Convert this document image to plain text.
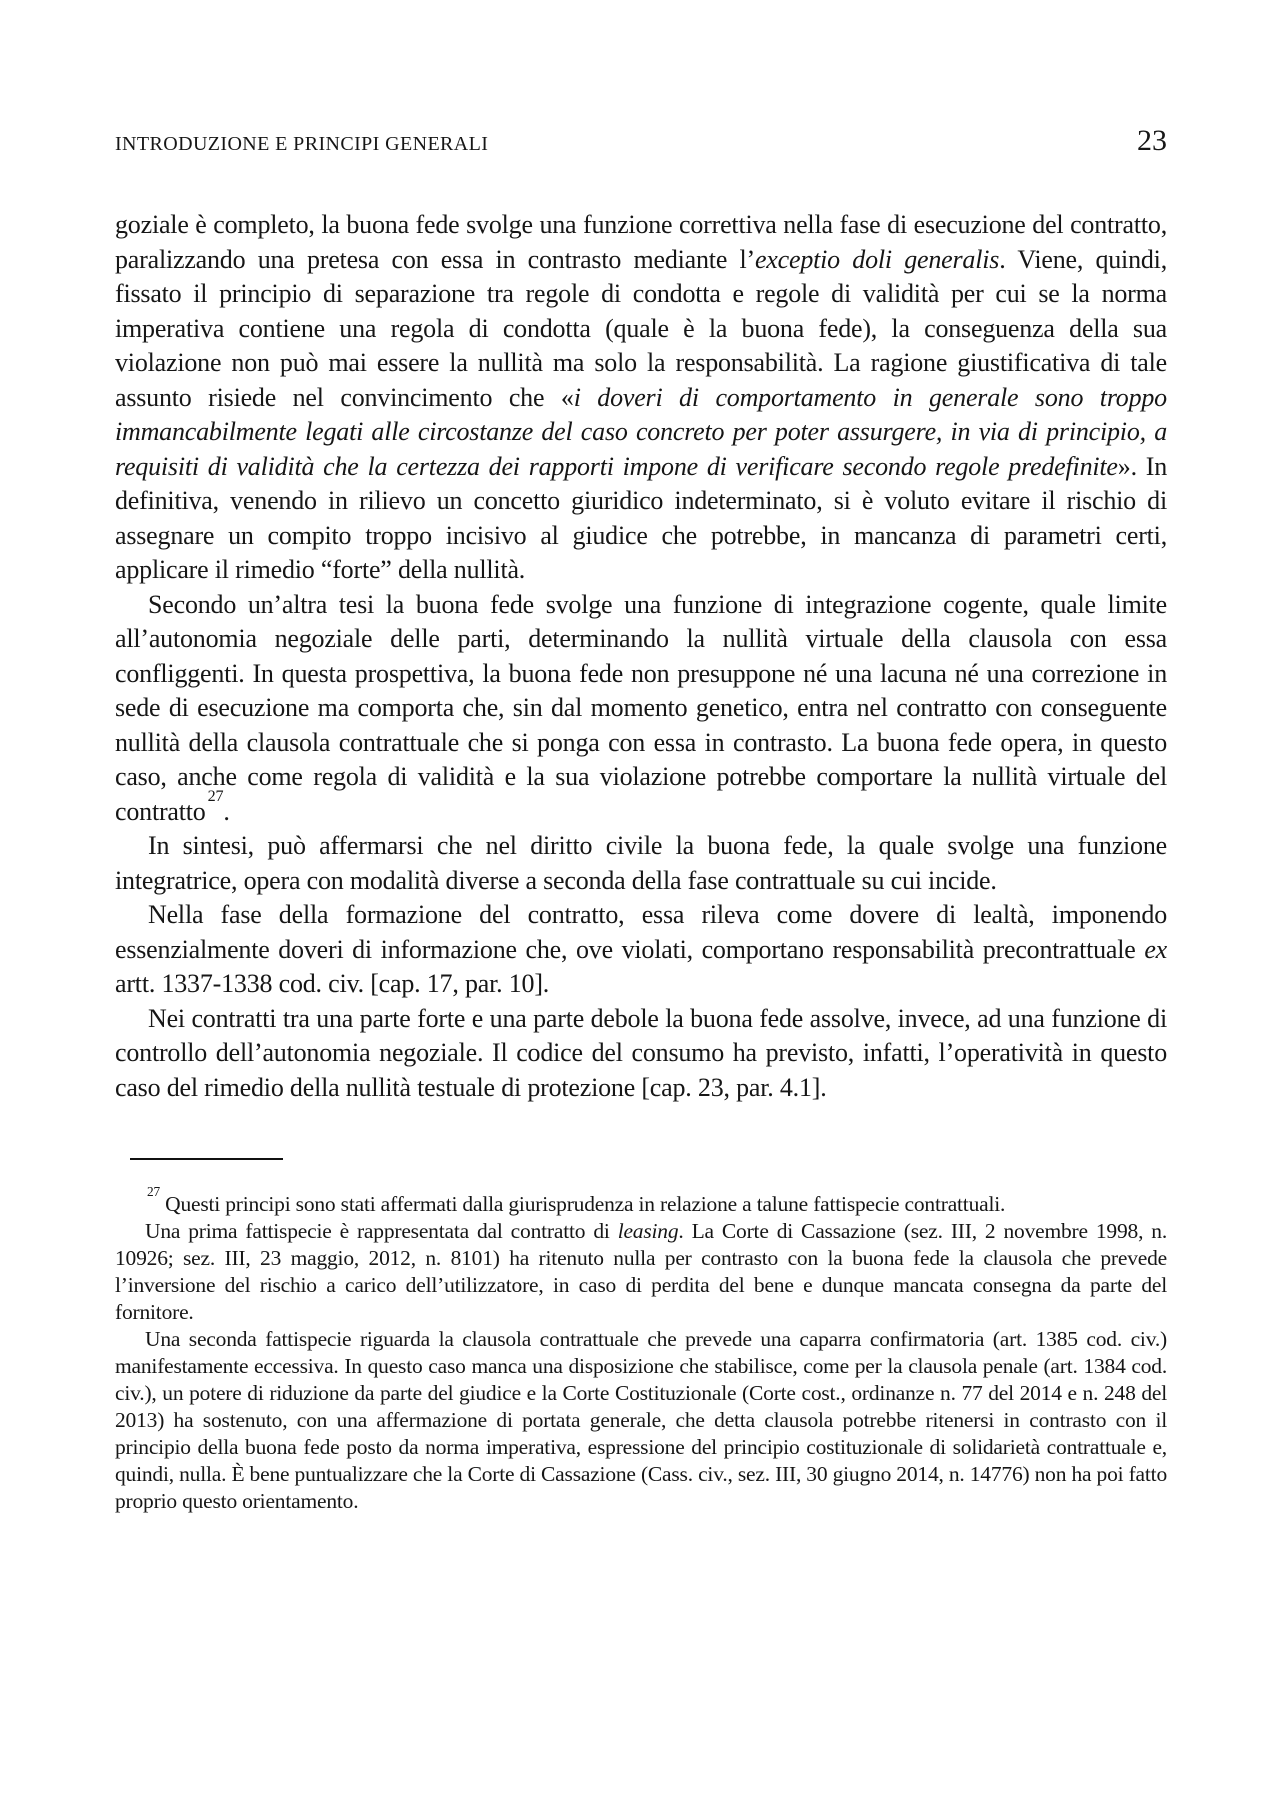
INTRODUZIONE E PRINCIPI GENERALI	23

goziale è completo, la buona fede svolge una funzione correttiva nella fase di esecuzione del contratto, paralizzando una pretesa con essa in contrasto mediante l’exceptio doli generalis. Viene, quindi, fissato il principio di separazione tra regole di condotta e regole di validità per cui se la norma imperativa contiene una regola di condotta (quale è la buona fede), la conseguenza della sua violazione non può mai essere la nullità ma solo la responsabilità. La ragione giustificativa di tale assunto risiede nel convincimento che «i doveri di comportamento in generale sono troppo immancabilmente legati alle circostanze del caso concreto per poter assurgere, in via di principio, a requisiti di validità che la certezza dei rapporti impone di verificare secondo regole predefinite». In definitiva, venendo in rilievo un concetto giuridico indeterminato, si è voluto evitare il rischio di assegnare un compito troppo incisivo al giudice che potrebbe, in mancanza di parametri certi, applicare il rimedio “forte” della nullità.

Secondo un’altra tesi la buona fede svolge una funzione di integrazione cogente, quale limite all’autonomia negoziale delle parti, determinando la nullità virtuale della clausola con essa confliggenti. In questa prospettiva, la buona fede non presuppone né una lacuna né una correzione in sede di esecuzione ma comporta che, sin dal momento genetico, entra nel contratto con conseguente nullità della clausola contrattuale che si ponga con essa in contrasto. La buona fede opera, in questo caso, anche come regola di validità e la sua violazione potrebbe comportare la nullità virtuale del contratto $^{27}$.

In sintesi, può affermarsi che nel diritto civile la buona fede, la quale svolge una funzione integratrice, opera con modalità diverse a seconda della fase contrattuale su cui incide.

Nella fase della formazione del contratto, essa rileva come dovere di lealtà, imponendo essenzialmente doveri di informazione che, ove violati, comportano responsabilità precontrattuale ex artt. 1337-1338 cod. civ. [cap. 17, par. 10].

Nei contratti tra una parte forte e una parte debole la buona fede assolve, invece, ad una funzione di controllo dell’autonomia negoziale. Il codice del consumo ha previsto, infatti, l’operatività in questo caso del rimedio della nullità testuale di protezione [cap. 23, par. 4.1].

$^{27}$ Questi principi sono stati affermati dalla giurisprudenza in relazione a talune fattispecie contrattuali.

Una prima fattispecie è rappresentata dal contratto di leasing. La Corte di Cassazione (sez. III, 2 novembre 1998, n. 10926; sez. III, 23 maggio, 2012, n. 8101) ha ritenuto nulla per contrasto con la buona fede la clausola che prevede l’inversione del rischio a carico dell’utilizzatore, in caso di perdita del bene e dunque mancata consegna da parte del fornitore.

Una seconda fattispecie riguarda la clausola contrattuale che prevede una caparra confirmatoria (art. 1385 cod. civ.) manifestamente eccessiva. In questo caso manca una disposizione che stabilisce, come per la clausola penale (art. 1384 cod. civ.), un potere di riduzione da parte del giudice e la Corte Costituzionale (Corte cost., ordinanze n. 77 del 2014 e n. 248 del 2013) ha sostenuto, con una affermazione di portata generale, che detta clausola potrebbe ritenersi in contrasto con il principio della buona fede posto da norma imperativa, espressione del principio costituzionale di solidarietà contrattuale e, quindi, nulla. È bene puntualizzare che la Corte di Cassazione (Cass. civ., sez. III, 30 giugno 2014, n. 14776) non ha poi fatto proprio questo orientamento.
